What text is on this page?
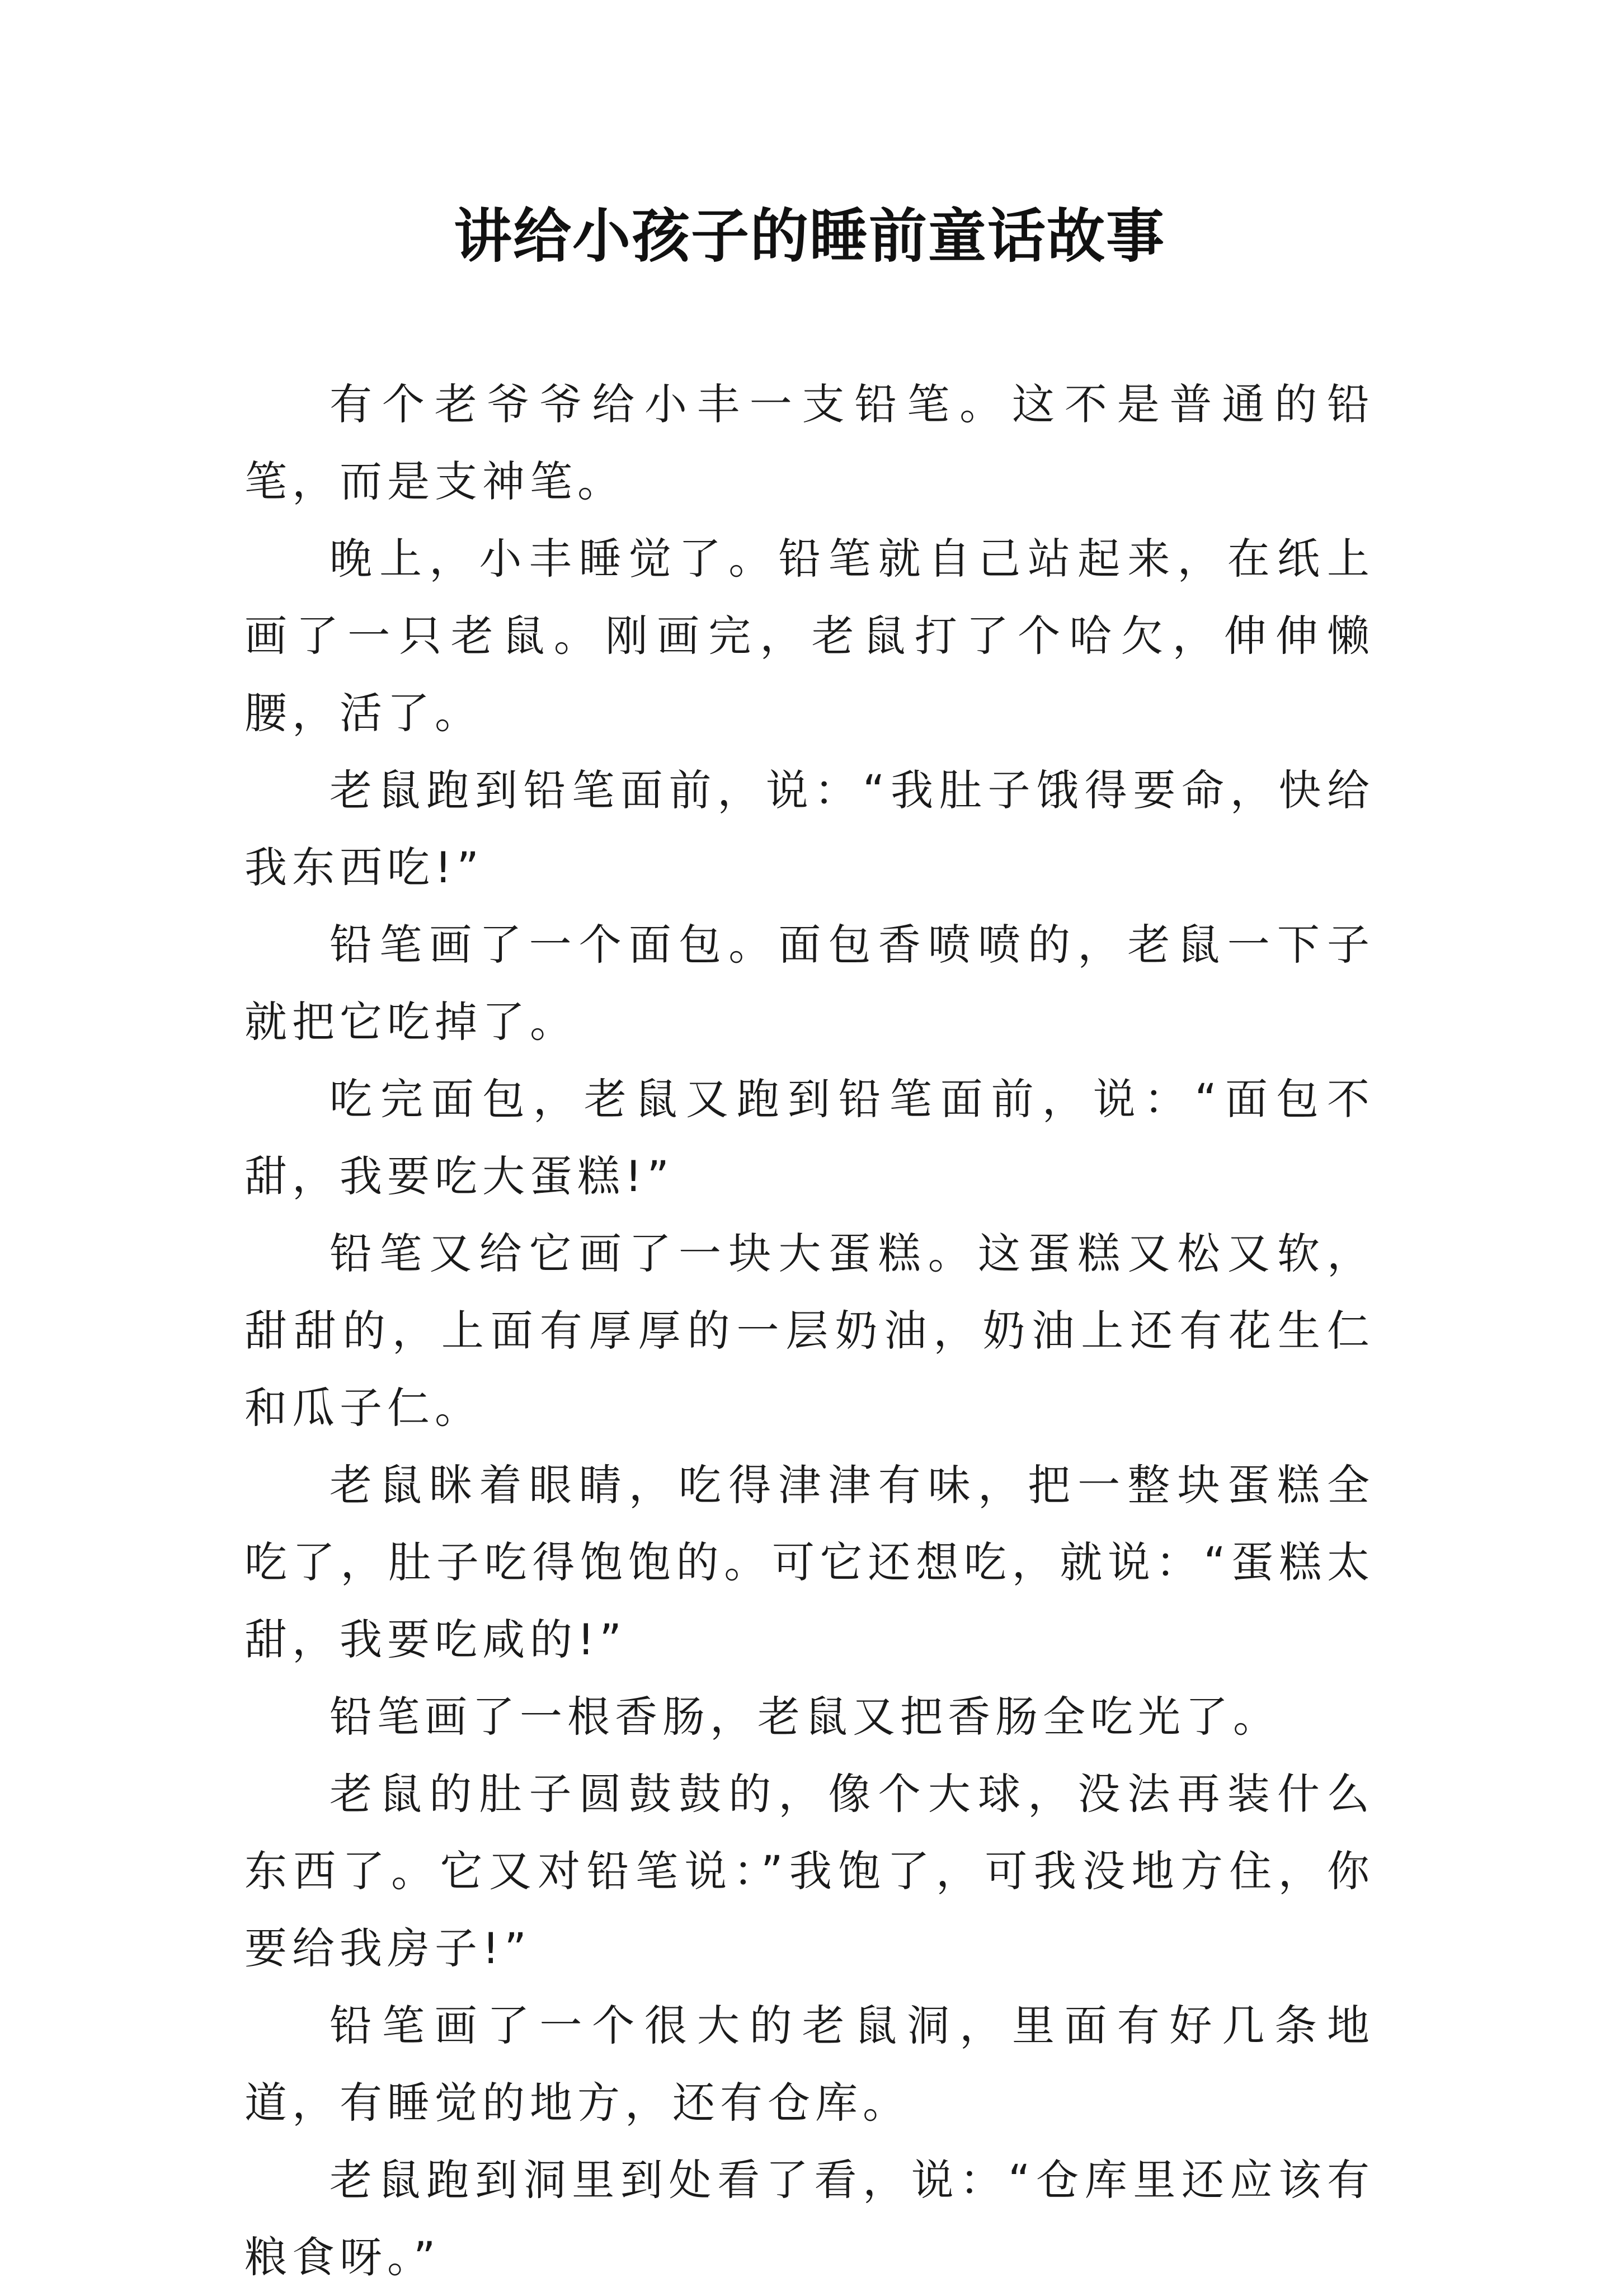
讲给小孩子的睡前童话故事

有个老爷爷给小丰一支铅笔。这不是普通的铅笔，而是支神笔。

晚上，小丰睡觉了。铅笔就自己站起来，在纸上画了一只老鼠。刚画完，老鼠打了个哈欠，伸伸懒腰，活了。

老鼠跑到铅笔面前，说：“我肚子饿得要命，快给我东西吃!”

铅笔画了一个面包。面包香喷喷的，老鼠一下子就把它吃掉了。

吃完面包，老鼠又跑到铅笔面前，说：“面包不甜，我要吃大蛋糕!”

铅笔又给它画了一块大蛋糕。这蛋糕又松又软，甜甜的，上面有厚厚的一层奶油，奶油上还有花生仁和瓜子仁。

老鼠眯着眼睛，吃得津津有味，把一整块蛋糕全吃了，肚子吃得饱饱的。可它还想吃，就说：“蛋糕太甜，我要吃咸的!”

铅笔画了一根香肠，老鼠又把香肠全吃光了。

老鼠的肚子圆鼓鼓的，像个大球，没法再装什么东西了。它又对铅笔说：”我饱了，可我没地方住，你要给我房子!”

铅笔画了一个很大的老鼠洞，里面有好几条地道，有睡觉的地方，还有仓库。

老鼠跑到洞里到处看了看，说：“仓库里还应该有粮食呀。”
